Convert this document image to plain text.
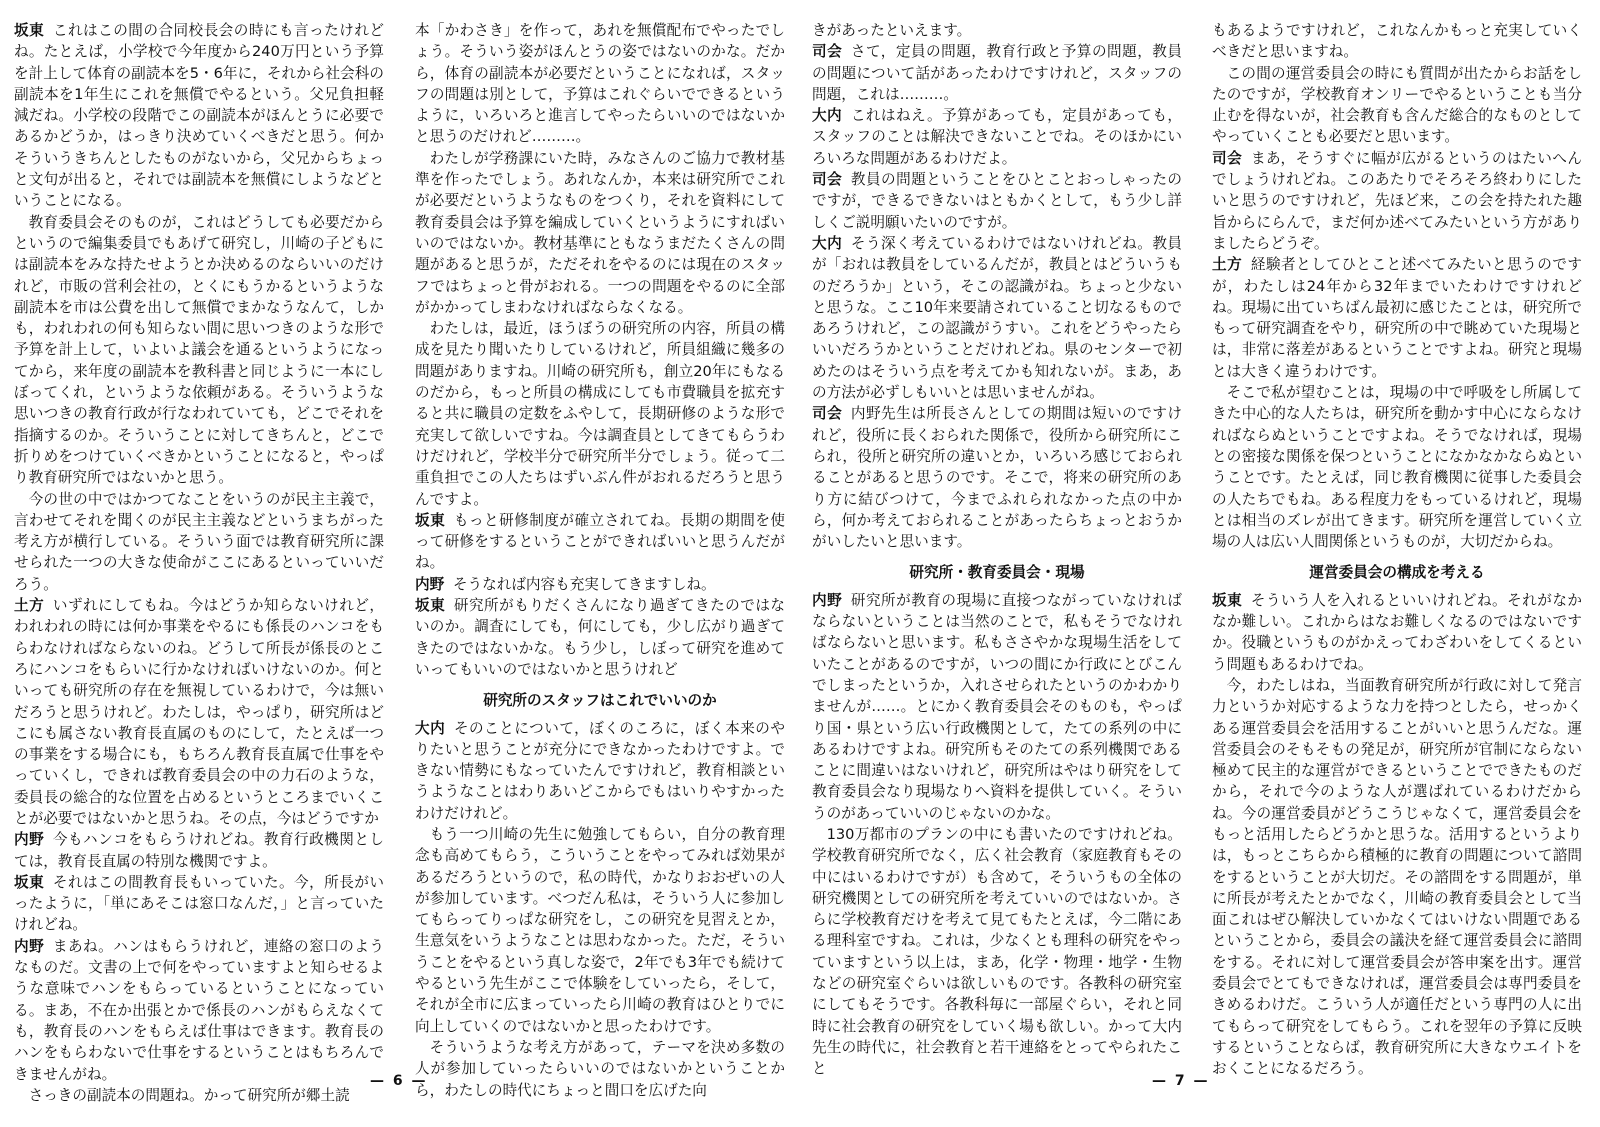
坂東 これはこの間の合同校長会の時にも言ったけれどね。たとえば，小学校で今年度から240万円という予算を計上して体育の副読本を5・6年に，それから社会科の副読本を1年生にこれを無償でやるという。父兄負担軽減だね。小学校の段階でこの副読本がほんとうに必要であるかどうか，はっきり決めていくべきだと思う。何かそういうきちんとしたものがないから，父兄からちょっと文句が出ると，それでは副読本を無償にしようなどということになる。
教育委員会そのものが，これはどうしても必要だからというので編集委員でもあげて研究し，川崎の子どもには副読本をみな持たせようとか決めるのならいいのだけれど，市販の営利会社の，とくにもうかるというような副読本を市は公費を出して無償でまかなうなんて，しかも，われわれの何も知らない間に思いつきのような形で予算を計上して，いよいよ議会を通るというようになってから，来年度の副読本を教科書と同じように一本にしぼってくれ，というような依頼がある。そういうような思いつきの教育行政が行なわれていても，どこでそれを指摘するのか。そういうことに対してきちんと，どこで折りめをつけていくべきかということになると，やっぱり教育研究所ではないかと思う。
今の世の中ではかつてなことをいうのが民主主義で，言わせてそれを聞くのが民主主義などというまちがった考え方が横行している。そういう面では教育研究所に課せられた一つの大きな使命がここにあるといっていいだろう。
土方 いずれにしてもね。今はどうか知らないけれど，われわれの時には何か事業をやるにも係長のハンコをもらわなければならないのね。どうして所長が係長のところにハンコをもらいに行かなければいけないのか。何といっても研究所の存在を無視しているわけで，今は無いだろうと思うけれど。わたしは，やっぱり，研究所はどこにも属さない教育長直属のものにして，たとえば一つの事業をする場合にも，もちろん教育長直属で仕事をやっていくし，できれば教育委員会の中の力石のような，委員長の総合的な位置を占めるというところまでいくことが必要ではないかと思うね。その点，今はどうですか
内野 今もハンコをもらうけれどね。教育行政機関としては，教育長直属の特別な機関ですよ。
坂東 それはこの間教育長もいっていた。今，所長がいったように，「単にあそこは窓口なんだ，」と言っていたけれどね。
内野 まあね。ハンはもらうけれど，連絡の窓口のようなものだ。文書の上で何をやっていますよと知らせるような意味でハンをもらっているということになっている。まあ，不在か出張とかで係長のハンがもらえなくても，教育長のハンをもらえば仕事はできます。教育長のハンをもらわないで仕事をするということはもちろんできませんがね。
さっきの副読本の問題ね。かって研究所が郷土読
本「かわさき」を作って，あれを無償配布でやったでしょう。そういう姿がほんとうの姿ではないのかな。だから，体育の副読本が必要だということになれば，スタッフの問題は別として，予算はこれぐらいでできるというように，いろいろと進言してやったらいいのではないかと思うのだけれど………。
わたしが学務課にいた時，みなさんのご協力で教材基準を作ったでしょう。あれなんか，本来は研究所でこれが必要だというようなものをつくり，それを資料にして教育委員会は予算を編成していくというようにすればいいのではないか。教材基準にともなうまだたくさんの問題があると思うが，ただそれをやるのには現在のスタッフではちょっと骨がおれる。一つの問題をやるのに全部がかかってしまわなければならなくなる。
わたしは，最近，ほうぼうの研究所の内容，所員の構成を見たり聞いたりしているけれど，所員組織に幾多の問題がありますね。川崎の研究所も，創立20年にもなるのだから，もっと所員の構成にしても市費職員を拡充すると共に職員の定数をふやして，長期研修のような形で充実して欲しいですね。今は調査員としてきてもらうわけだけれど，学校半分で研究所半分でしょう。従って二重負担でこの人たちはずいぶん件がおれるだろうと思うんですよ。
坂東 もっと研修制度が確立されてね。長期の期間を使って研修をするということができればいいと思うんだがね。
内野 そうなれば内容も充実してきますしね。
坂東 研究所がもりだくさんになり過ぎてきたのではないのか。調査にしても，何にしても，少し広がり過ぎてきたのではないかな。もう少し，しぼって研究を進めていってもいいのではないかと思うけれど
研究所のスタッフはこれでいいのか
大内 そのことについて，ぼくのころに，ぼく本来のやりたいと思うことが充分にできなかったわけですよ。できない情勢にもなっていたんですけれど，教育相談というようなことはわりあいどこからでもはいりやすかったわけだけれど。
もう一つ川崎の先生に勉強してもらい，自分の教育理念も高めてもらう，こういうことをやってみれば効果があるだろうというので，私の時代，かなりおおぜいの人が参加しています。べつだん私は，そういう人に参加してもらってりっぱな研究をし，この研究を見習えとか，生意気をいうようなことは思わなかった。ただ，そういうことをやるという真しな姿で，2年でも3年でも続けてやるという先生がここで体験をしていったら，そして，それが全市に広まっていったら川崎の教育はひとりでに向上していくのではないかと思ったわけです。
そういうような考え方があって，テーマを決め多数の人が参加していったらいいのではないかということから，わたしの時代にちょっと間口を広げた向
きがあったといえます。
司会 さて，定員の問題，教育行政と予算の問題，教員の問題について話があったわけですけれど，スタッフの問題，これは………。
大内 これはねえ。予算があっても，定員があっても，スタッフのことは解決できないことでね。そのほかにいろいろな問題があるわけだよ。
司会 教員の問題ということをひとことおっしゃったのですが，できるできないはともかくとして，もう少し詳しくご説明願いたいのですが。
大内 そう深く考えているわけではないけれどね。教員が「おれは教員をしているんだが，教員とはどういうものだろうか」という，そこの認識がね。ちょっと少ないと思うな。ここ10年来要請されていること切なるものであろうけれど，この認識がうすい。これをどうやったらいいだろうかということだけれどね。県のセンターで初めたのはそういう点を考えてかも知れないが。まあ，あの方法が必ずしもいいとは思いませんがね。
司会 内野先生は所長さんとしての期間は短いのですけれど，役所に長くおられた関係で，役所から研究所にこられ，役所と研究所の違いとか，いろいろ感じておられることがあると思うのです。そこで，将来の研究所のあり方に結びつけて，今までふれられなかった点の中から，何か考えておられることがあったらちょっとおうかがいしたいと思います。
研究所・教育委員会・現場
内野 研究所が教育の現場に直接つながっていなければならないということは当然のことで，私もそうでなければならないと思います。私もささやかな現場生活をしていたことがあるのですが，いつの間にか行政にとびこんでしまったというか，入れさせられたというのかわかりませんが……。とにかく教育委員会そのものも，やっぱり国・県という広い行政機関として，たての系列の中にあるわけですよね。研究所もそのたての系列機関であることに間違いはないけれど，研究所はやはり研究をして教育委員会なり現場なりへ資料を提供していく。そういうのがあっていいのじゃないのかな。
130万都市のプランの中にも書いたのですけれどね。学校教育研究所でなく，広く社会教育（家庭教育もその中にはいるわけですが）も含めて，そういうもの全体の研究機関としての研究所を考えていいのではないか。さらに学校教育だけを考えて見てもたとえば，今二階にある理科室ですね。これは，少なくとも理科の研究をやっていますという以上は，まあ，化学・物理・地学・生物などの研究室ぐらいは欲しいものです。各教科の研究室にしてもそうです。各教科毎に一部屋ぐらい，それと同時に社会教育の研究をしていく場も欲しい。かって大内先生の時代に，社会教育と若干連絡をとってやられたこと
もあるようですけれど，これなんかもっと充実していくべきだと思いますね。
この間の運営委員会の時にも質問が出たからお話をしたのですが，学校教育オンリーでやるということも当分止むを得ないが，社会教育も含んだ総合的なものとしてやっていくことも必要だと思います。
司会 まあ，そうすぐに幅が広がるというのはたいへんでしょうけれどね。このあたりでそろそろ終わりにしたいと思うのですけれど，先ほど来，この会を持たれた趣旨からにらんで，まだ何か述べてみたいという方がありましたらどうぞ。
土方 経験者としてひとこと述べてみたいと思うのですが，わたしは24年から32年までいたわけですけれどね。現場に出ていちばん最初に感じたことは，研究所でもって研究調査をやり，研究所の中で眺めていた現場とは，非常に落差があるということですよね。研究と現場とは大きく違うわけです。
そこで私が望むことは，現場の中で呼吸をし所属してきた中心的な人たちは，研究所を動かす中心にならなければならぬということですよね。そうでなければ，現場との密接な関係を保つということになかなかならぬということです。たとえば，同じ教育機関に従事した委員会の人たちでもね。ある程度力をもっているけれど，現場とは相当のズレが出てきます。研究所を運営していく立場の人は広い人間関係というものが，大切だからね。
運営委員会の構成を考える
坂東 そういう人を入れるといいけれどね。それがなかなか難しい。これからはなお難しくなるのではないですか。役職というものがかえってわざわいをしてくるという問題もあるわけでね。
今，わたしはね，当面教育研究所が行政に対して発言力というか対応するような力を持つとしたら，せっかくある運営委員会を活用することがいいと思うんだな。運営委員会のそもそもの発足が，研究所が官制にならない極めて民主的な運営ができるということでできたものだから，それで今のような人が選ばれているわけだからね。今の運営委員がどうこうじゃなくて，運営委員会をもっと活用したらどうかと思うな。活用するというよりは，もっとこちらから積極的に教育の問題について諮問をするということが大切だ。その諮問をする問題が，単に所長が考えたとかでなく，川崎の教育委員会として当面これはぜひ解決していかなくてはいけない問題であるということから，委員会の議決を経て運営委員会に諮問をする。それに対して運営委員会が答申案を出す。運営委員会でとてもできなければ，運営委員会は専門委員をきめるわけだ。こういう人が適任だという専門の人に出てもらって研究をしてもらう。これを翌年の予算に反映するということならば，教育研究所に大きなウエイトをおくことになるだろう。
— 6 —	— 7 —
